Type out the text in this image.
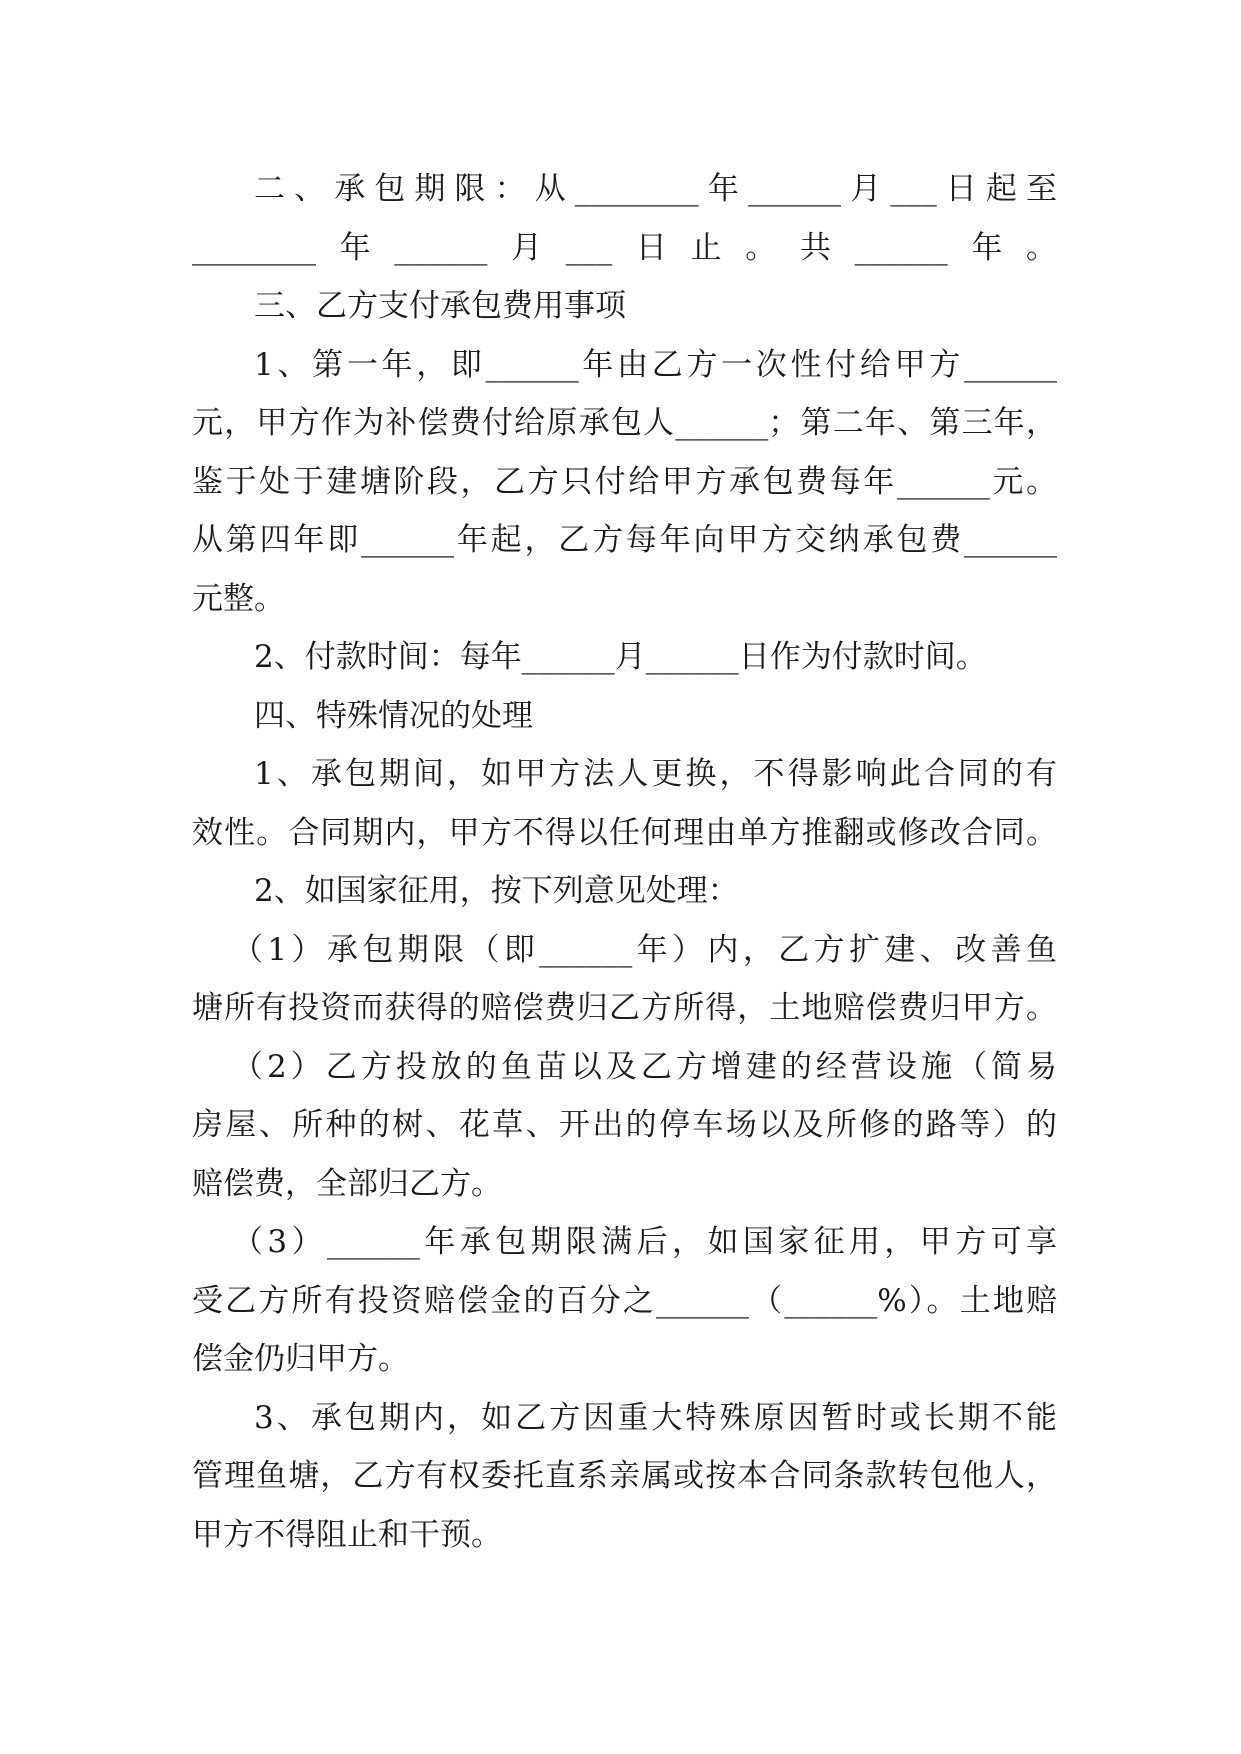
二、承包期限：从________年______月___日起至
________年______月___日止。共______年。
三、乙方支付承包费用事项
1、第一年，即______年由乙方一次性付给甲方______
元，甲方作为补偿费付给原承包人______；第二年、第三年，
鉴于处于建塘阶段，乙方只付给甲方承包费每年______元。
从第四年即______年起，乙方每年向甲方交纳承包费______
元整。
2、付款时间：每年______月______日作为付款时间。
四、特殊情况的处理
1、承包期间，如甲方法人更换，不得影响此合同的有
效性。合同期内，甲方不得以任何理由单方推翻或修改合同。
2、如国家征用，按下列意见处理：
（1）承包期限（即______年）内，乙方扩建、改善鱼
塘所有投资而获得的赔偿费归乙方所得，土地赔偿费归甲方。
（2）乙方投放的鱼苗以及乙方增建的经营设施（简易
房屋、所种的树、花草、开出的停车场以及所修的路等）的
赔偿费，全部归乙方。
（3）______年承包期限满后，如国家征用，甲方可享
受乙方所有投资赔偿金的百分之______（______%）。土地赔
偿金仍归甲方。
3、承包期内，如乙方因重大特殊原因暂时或长期不能
管理鱼塘，乙方有权委托直系亲属或按本合同条款转包他人，
甲方不得阻止和干预。
